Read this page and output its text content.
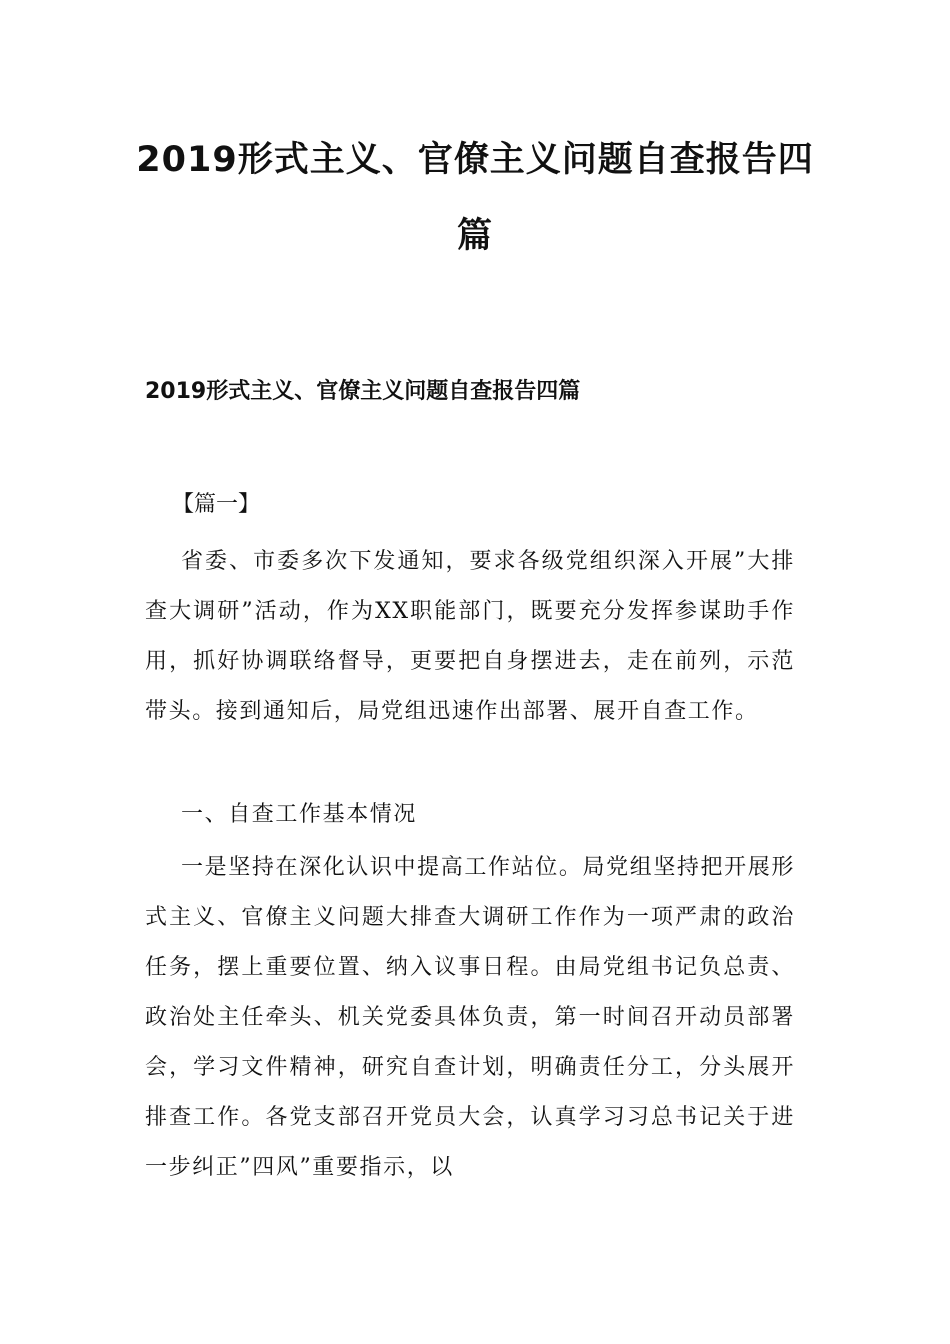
2019形式主义、官僚主义问题自查报告四篇
2019形式主义、官僚主义问题自查报告四篇

【篇一】

省委、市委多次下发通知，要求各级党组织深入开展”大排查大调研”活动，作为XX职能部门，既要充分发挥参谋助手作用，抓好协调联络督导，更要把自身摆进去，走在前列，示范带头。接到通知后，局党组迅速作出部署、展开自查工作。

一、自查工作基本情况

一是坚持在深化认识中提高工作站位。局党组坚持把开展形式主义、官僚主义问题大排查大调研工作作为一项严肃的政治任务，摆上重要位置、纳入议事日程。由局党组书记负总责、政治处主任牵头、机关党委具体负责，第一时间召开动员部署会，学习文件精神，研究自查计划，明确责任分工，分头展开排查工作。各党支部召开党员大会，认真学习习总书记关于进一步纠正”四风”重要指示，以
